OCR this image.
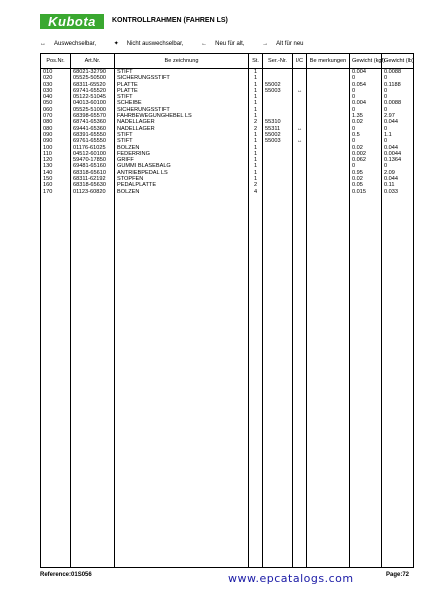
Kubota	KONTROLLRAHMEN (FAHREN LS)
↔ Auswechselbar,	✦ Nicht auswechselbar,	← Neu für alt,	→ Alt für neu
Pos.Nr.	Art.Nr.	Be zeichnung	St.	Ser.-Nr.	I/C	Be merkungen	Gewicht (kgf)	Gewicht (lb)
010	68021-32790	STIFT	1				0.004	0.0088
020	05525-50500	SICHERUNGSSTIFT	1				0	0
030	68311-65520	PLATTE	1	55002			0.054	0.1188
030	69741-65520	PLATTE	1	55003	↔		0	0
040	05122-51045	STIFT	1				0	0
050	04013-60100	SCHEIBE	1				0.004	0.0088
060	05525-51000	SICHERUNGSSTIFT	1				0	0
070	68398-65570	FAHRBEWEGUNGHEBEL LS	1				1.35	2.97
080	68741-65360	NADELLAGER	2	55310			0.02	0.044
080	69441-65360	NADELLAGER	2	55311	↔		0	0
090	68391-65550	STIFT	1	55002			0.5	1.1
090	69761-65550	STIFT	1	55003	↔		0	0
100	01176-61025	BOLZEN	1				0.02	0.044
110	04512-60100	FEDERRING	1				0.002	0.0044
120	59470-17850	GRIFF	1				0.062	0.1364
130	69481-65160	GUMMI BLASEBALG	1				0	0
140	68318-65610	ANTRIEBPEDAL LS	1				0.95	2.09
150	68311-62192	STOPFEN	1				0.02	0.044
160	68318-65630	PEDALPLATTE	2				0.05	0.11
170	01123-60820	BOLZEN	4				0.015	0.033

Reference:01S056	www.epcatalogs.com	Page:72
